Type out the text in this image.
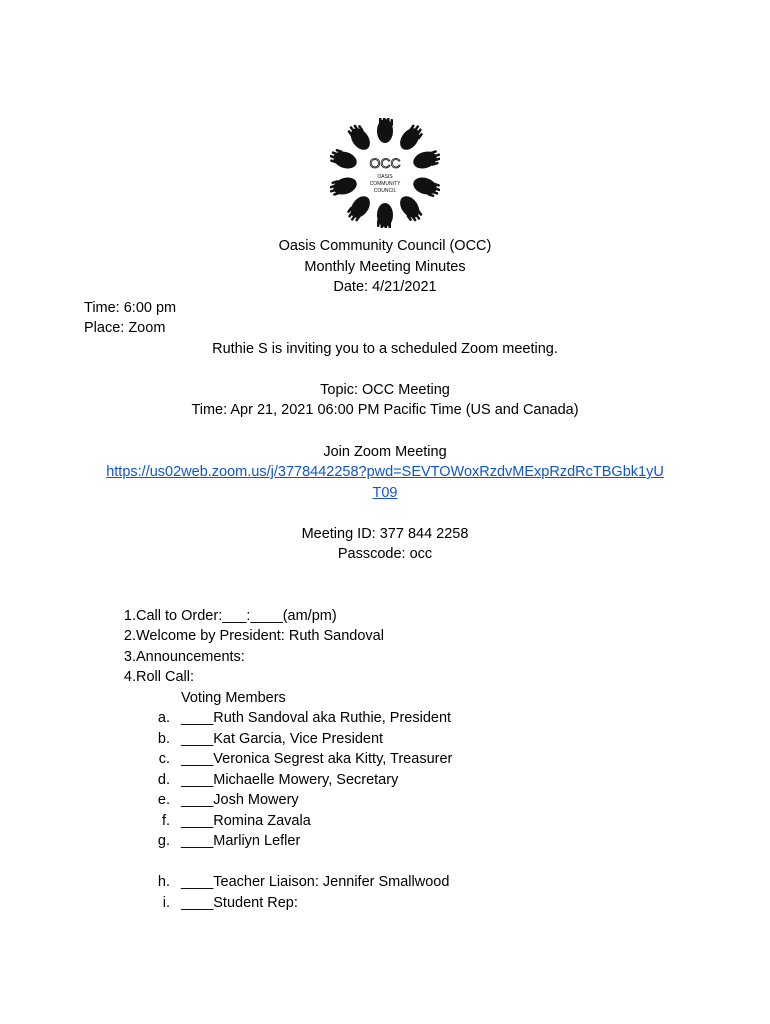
OCC
OASIS
COMMUNITY
COUNCIL
Oasis Community Council (OCC)
Monthly Meeting Minutes
Date: 4/21/2021
Time: 6:00 pm
Place: Zoom
Ruthie S is inviting you to a scheduled Zoom meeting.
Topic: OCC Meeting
Time: Apr 21, 2021 06:00 PM Pacific Time (US and Canada)
Join Zoom Meeting
https://us02web.zoom.us/j/3778442258?pwd=SEVTOWoxRzdvMExpRzdRcTBGbk1yU
T09
Meeting ID: 377 844 2258
Passcode: occ
1. Call to Order:___:____(am/pm)
2. Welcome by President: Ruth Sandoval
3. Announcements:
4. Roll Call:
Voting Members
a. ____Ruth Sandoval aka Ruthie, President
b. ____Kat Garcia, Vice President
c. ____Veronica Segrest aka Kitty, Treasurer
d. ____Michaelle Mowery, Secretary
e. ____Josh Mowery
f. ____Romina Zavala
g. ____Marliyn Lefler
h. ____Teacher Liaison: Jennifer Smallwood
i. ____Student Rep:
